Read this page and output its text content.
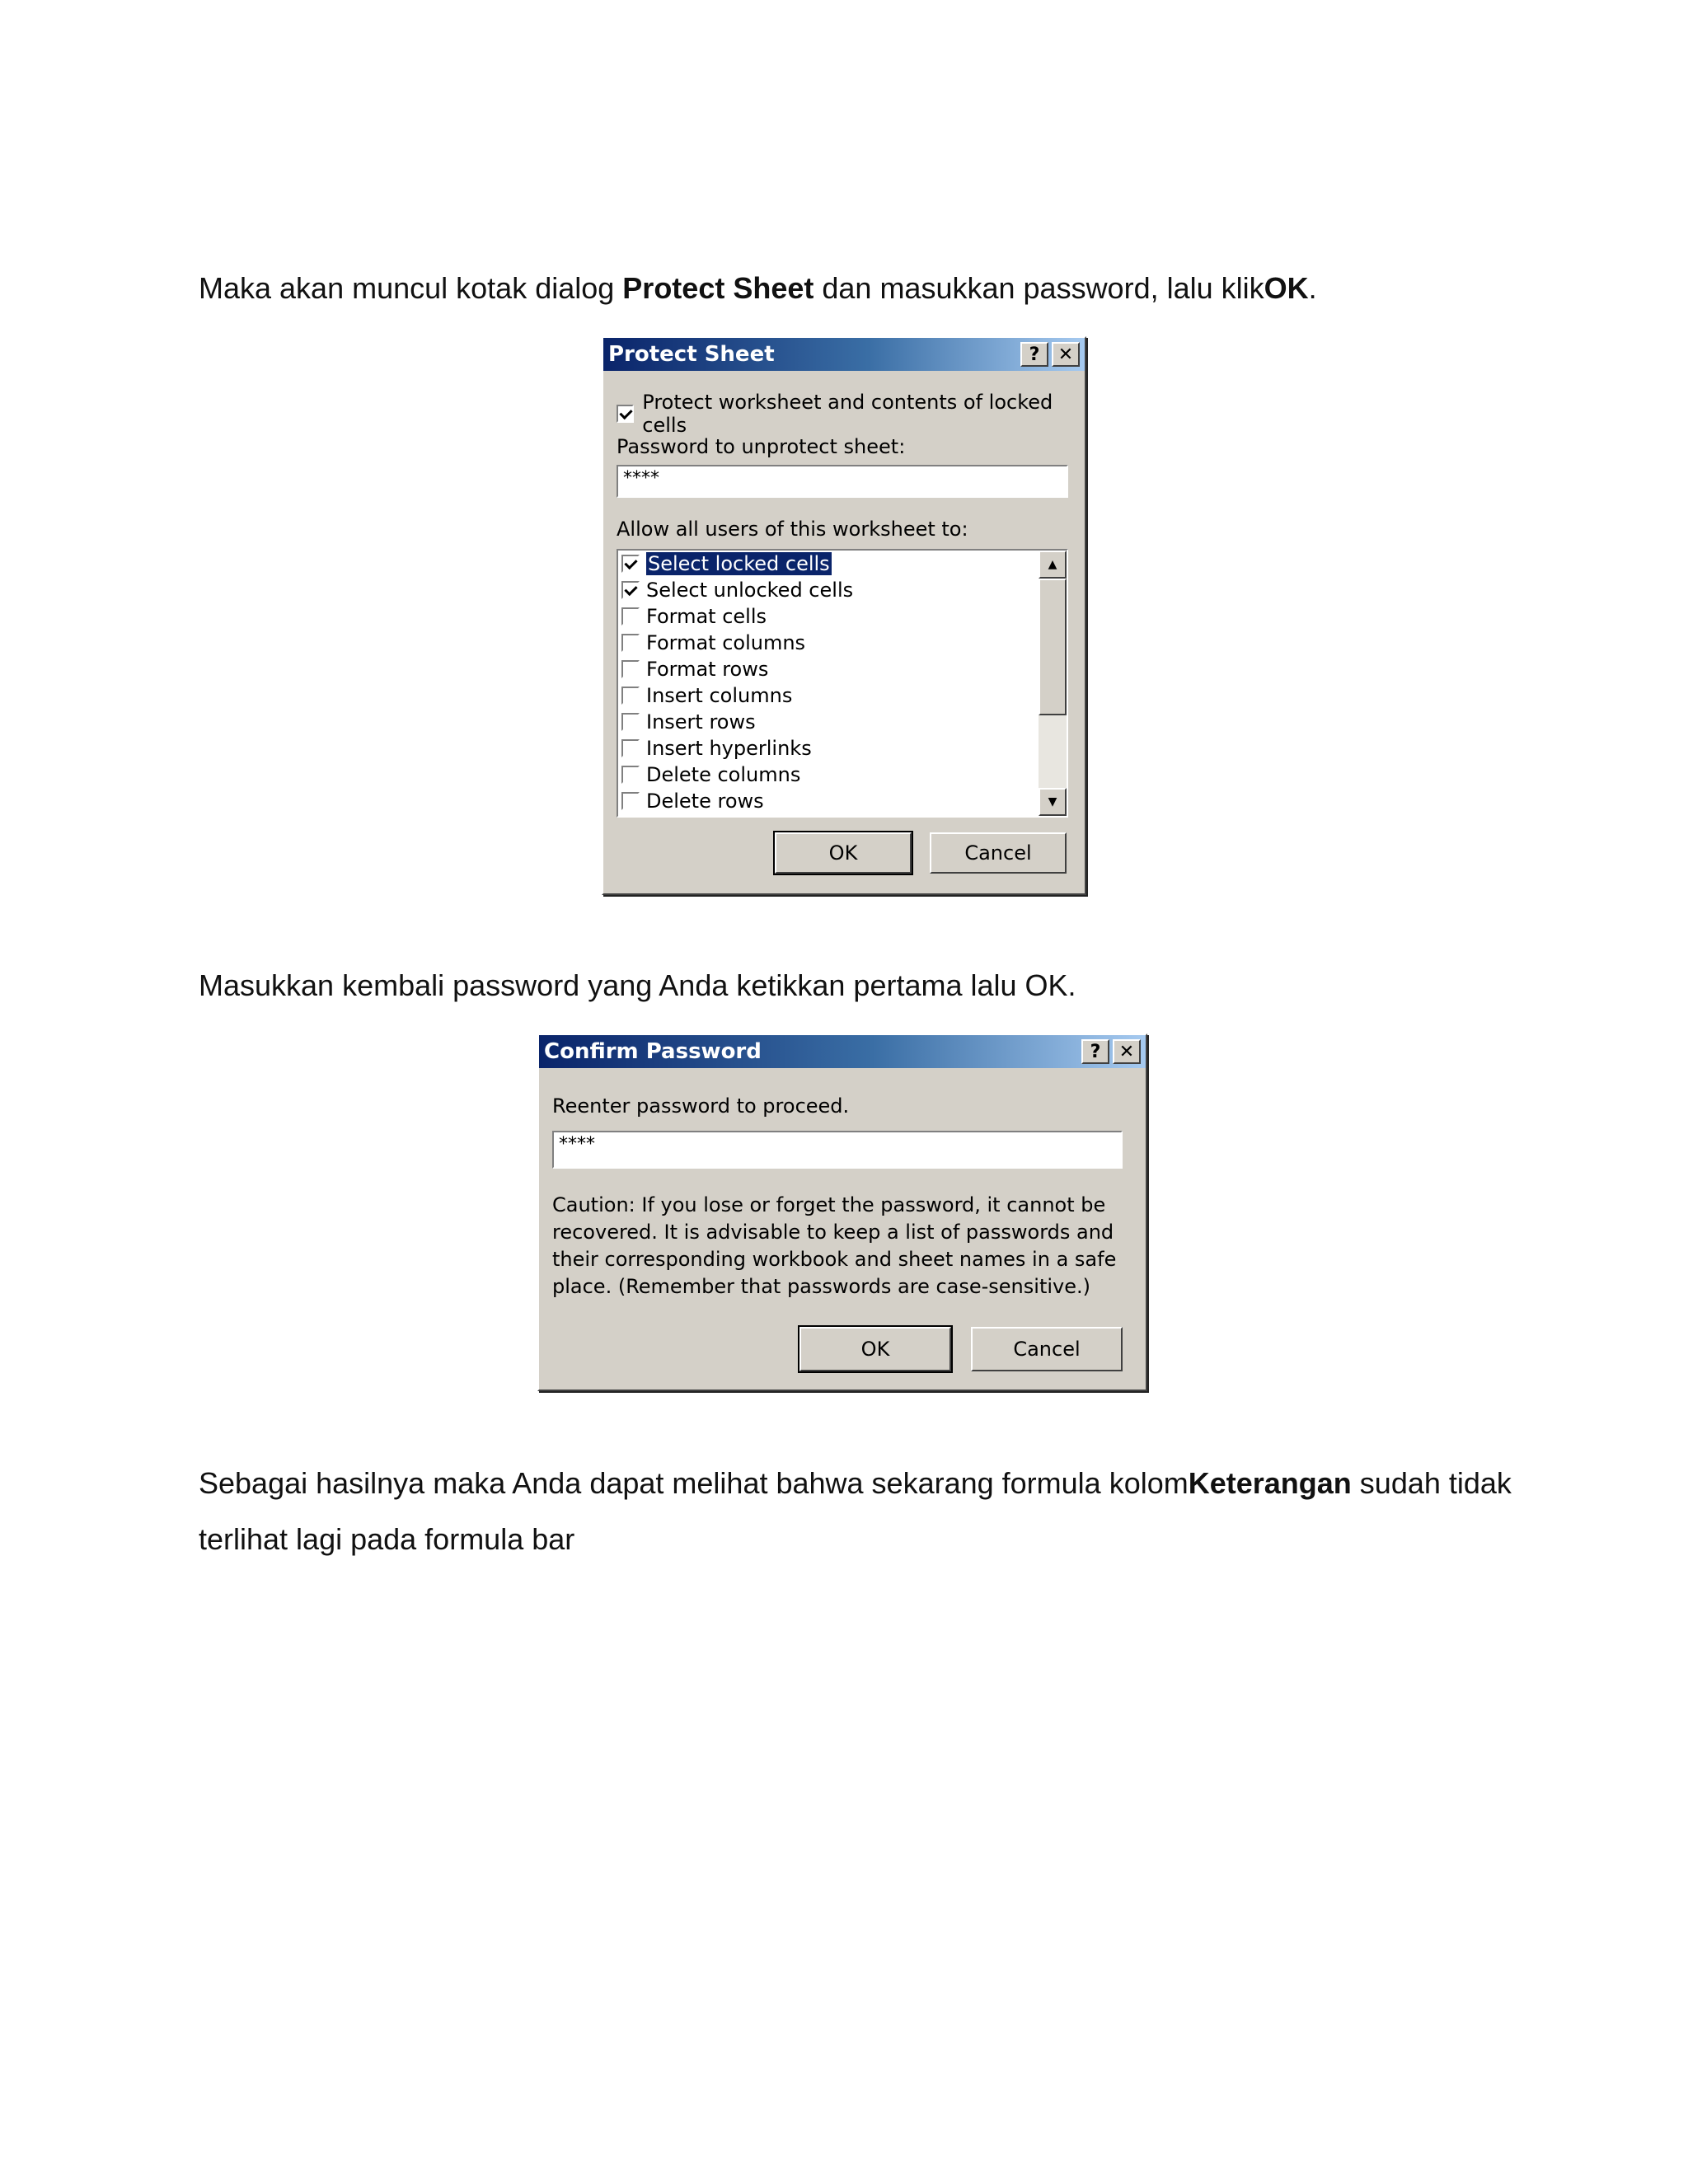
Maka akan muncul kotak dialog Protect Sheet dan masukkan password, lalu klikOK.

Protect Sheet	?	✕
Protect worksheet and contents of locked cells
Password to unprotect sheet:
****
Allow all users of this worksheet to:
Select locked cells
Select unlocked cells
Format cells
Format columns
Format rows
Insert columns
Insert rows
Insert hyperlinks
Delete columns
Delete rows
▲
▼
OK	Cancel

Masukkan kembali password yang Anda ketikkan pertama lalu OK.

Confirm Password	?	✕
Reenter password to proceed.
****
Caution: If you lose or forget the password, it cannot be
recovered. It is advisable to keep a list of passwords and
their corresponding workbook and sheet names in a safe
place. (Remember that passwords are case-sensitive.)
OK	Cancel

Sebagai hasilnya maka Anda dapat melihat bahwa sekarang formula kolomKeterangan sudah tidak

terlihat lagi pada formula bar
